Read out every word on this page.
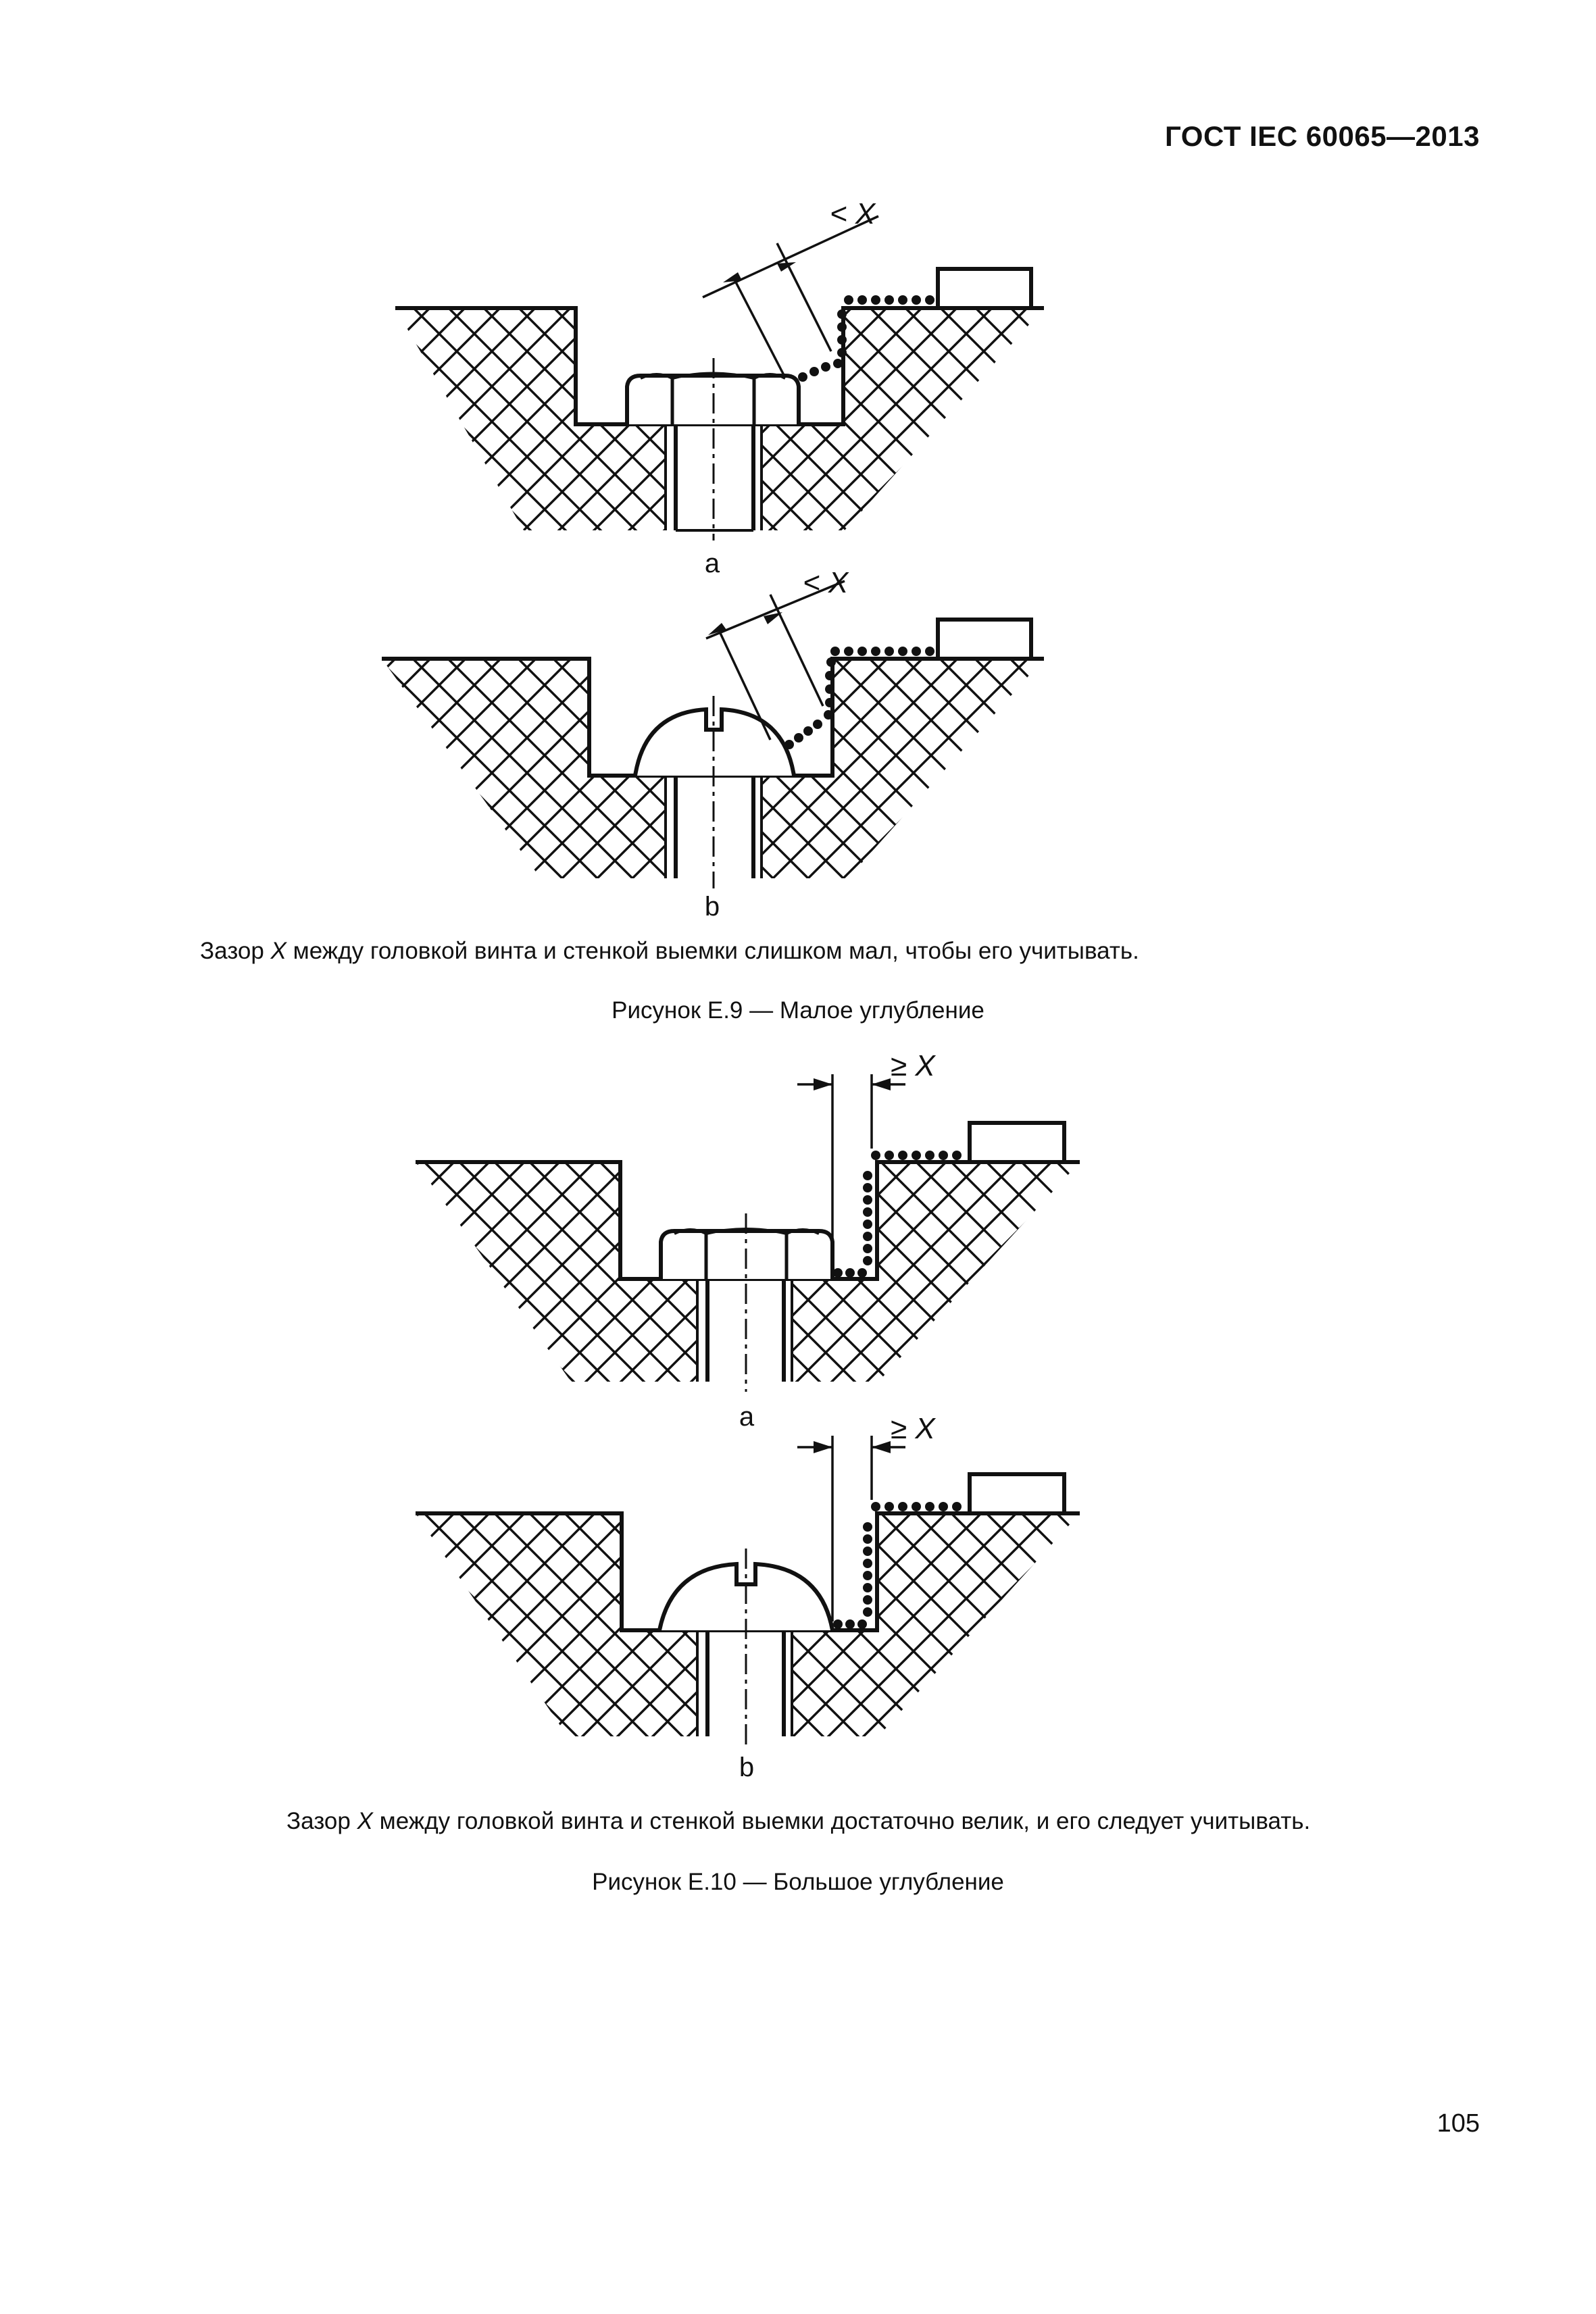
ГОСТ IEC 60065—2013
< X
a
< X
b
Зазор X между головкой винта и стенкой выемки слишком мал, чтобы его учитывать.
Рисунок Е.9 — Малое углубление
≥ X
a	≥ X
b
Зазор X между головкой винта и стенкой выемки достаточно велик, и его следует учитывать.
Рисунок Е.10 — Большое углубление
105
